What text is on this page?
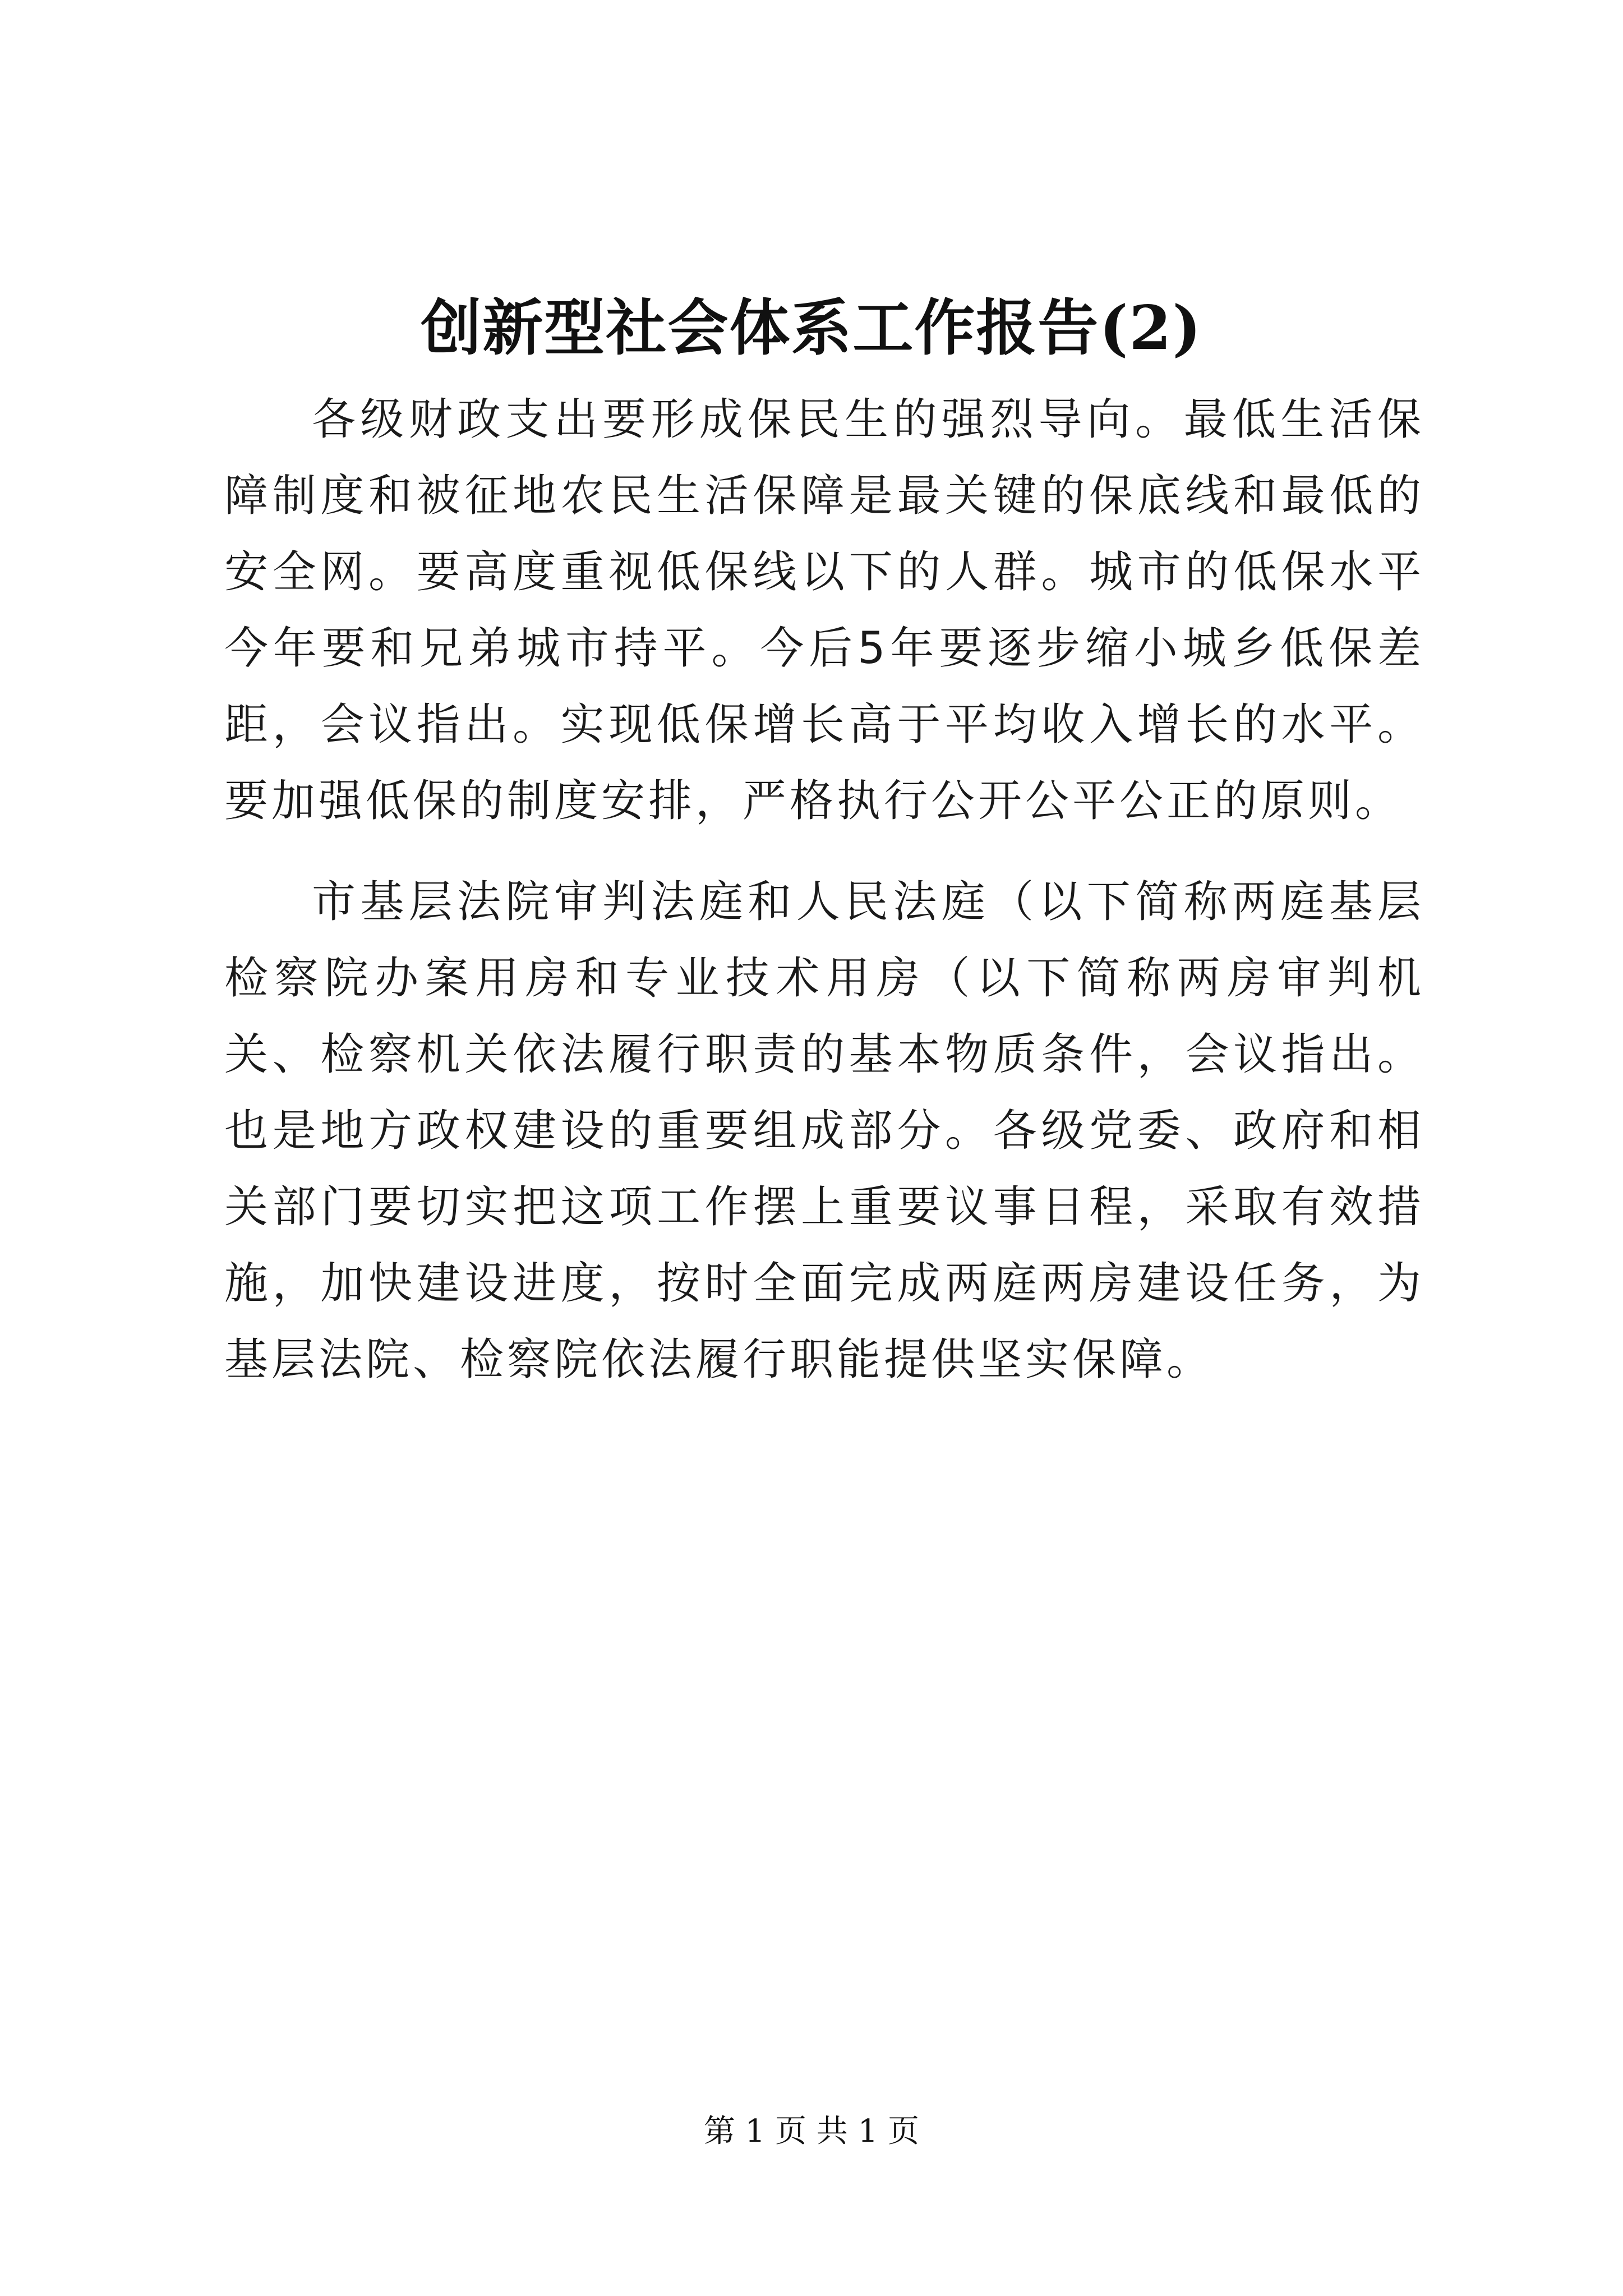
创新型社会体系工作报告(2)

各级财政支出要形成保民生的强烈导向。最低生活保障制度和被征地农民生活保障是最关键的保底线和最低的安全网。要高度重视低保线以下的人群。城市的低保水平今年要和兄弟城市持平。今后5年要逐步缩小城乡低保差距，会议指出。实现低保增长高于平均收入增长的水平。要加强低保的制度安排，严格执行公开公平公正的原则。

市基层法院审判法庭和人民法庭（以下简称两庭基层检察院办案用房和专业技术用房（以下简称两房审判机关、检察机关依法履行职责的基本物质条件，会议指出。也是地方政权建设的重要组成部分。各级党委、政府和相关部门要切实把这项工作摆上重要议事日程，采取有效措施，加快建设进度，按时全面完成两庭两房建设任务，为基层法院、检察院依法履行职能提供坚实保障。

第 1 页 共 1 页
